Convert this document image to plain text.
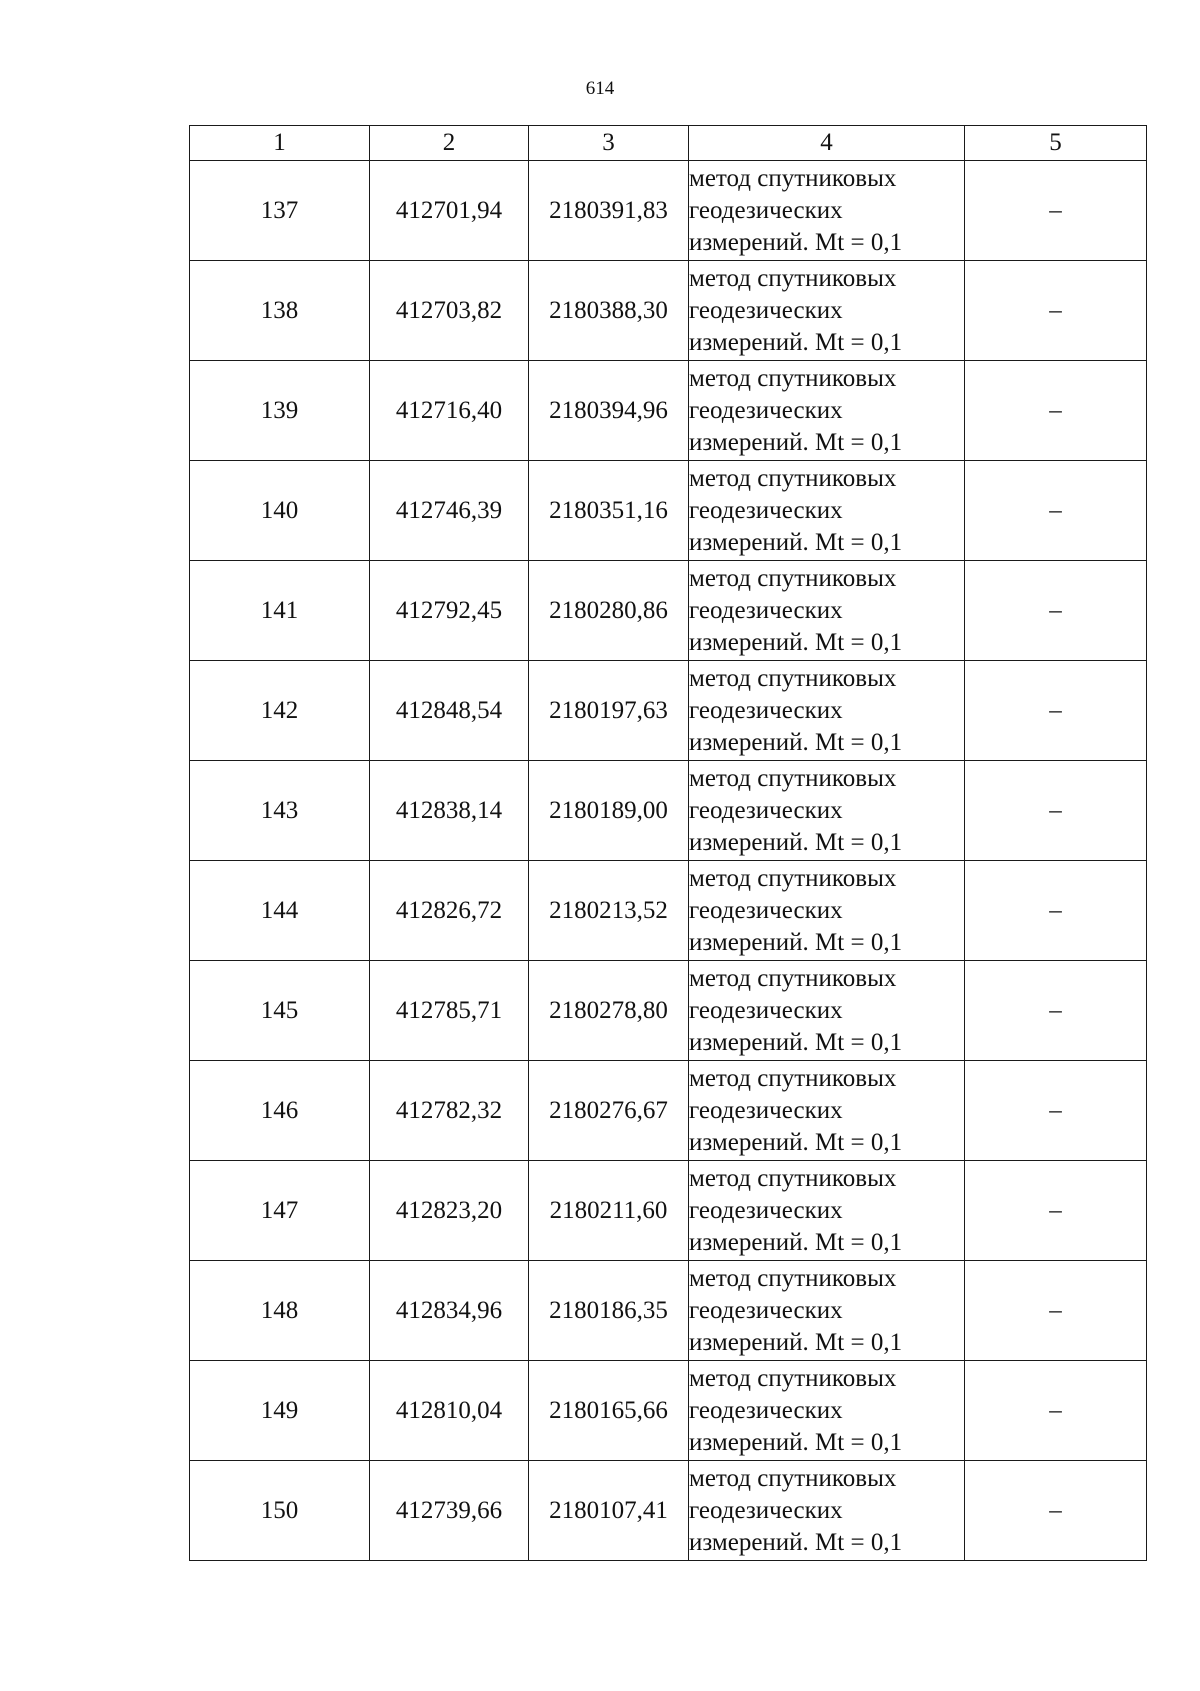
614
1	2	3	4	5
137	412701,94	2180391,83	метод спутниковых
геодезических
измерений. Mt = 0,1	–
138	412703,82	2180388,30	метод спутниковых
геодезических
измерений. Mt = 0,1	–
139	412716,40	2180394,96	метод спутниковых
геодезических
измерений. Mt = 0,1	–
140	412746,39	2180351,16	метод спутниковых
геодезических
измерений. Mt = 0,1	–
141	412792,45	2180280,86	метод спутниковых
геодезических
измерений. Mt = 0,1	–
142	412848,54	2180197,63	метод спутниковых
геодезических
измерений. Mt = 0,1	–
143	412838,14	2180189,00	метод спутниковых
геодезических
измерений. Mt = 0,1	–
144	412826,72	2180213,52	метод спутниковых
геодезических
измерений. Mt = 0,1	–
145	412785,71	2180278,80	метод спутниковых
геодезических
измерений. Mt = 0,1	–
146	412782,32	2180276,67	метод спутниковых
геодезических
измерений. Mt = 0,1	–
147	412823,20	2180211,60	метод спутниковых
геодезических
измерений. Mt = 0,1	–
148	412834,96	2180186,35	метод спутниковых
геодезических
измерений. Mt = 0,1	–
149	412810,04	2180165,66	метод спутниковых
геодезических
измерений. Mt = 0,1	–
150	412739,66	2180107,41	метод спутниковых
геодезических
измерений. Mt = 0,1	–
